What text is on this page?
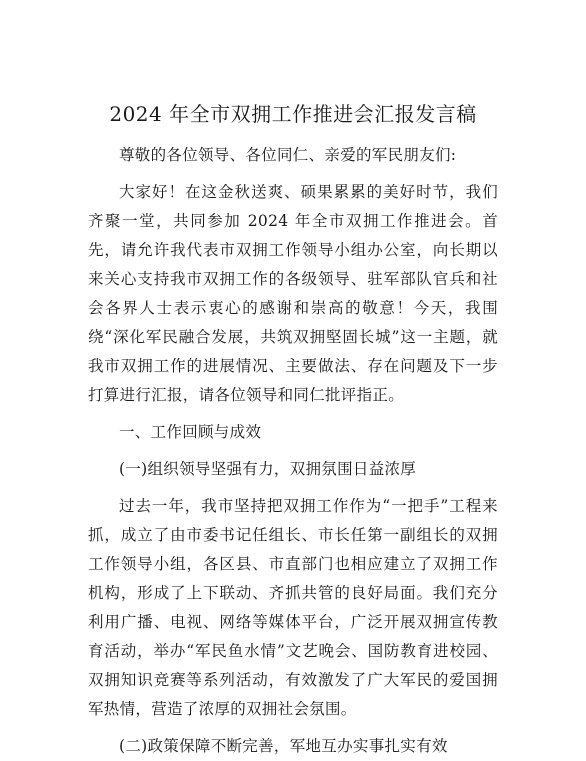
2024 年全市双拥工作推进会汇报发言稿

尊敬的各位领导、各位同仁、亲爱的军民朋友们:

大家好！在这金秋送爽、硕果累累的美好时节，我们齐聚一堂，共同参加 2024 年全市双拥工作推进会。首先，请允许我代表市双拥工作领导小组办公室，向长期以来关心支持我市双拥工作的各级领导、驻军部队官兵和社会各界人士表示衷心的感谢和崇高的敬意！今天，我围绕“深化军民融合发展，共筑双拥堅固长城”这一主题，就我市双拥工作的进展情况、主要做法、存在问题及下一步打算进行汇报，请各位领导和同仁批评指正。

一、工作回顾与成效

(一)组织领导坚强有力，双拥氛围日益浓厚

过去一年，我市坚持把双拥工作作为“一把手”工程来抓，成立了由市委书记任组长、市长任第一副组长的双拥工作领导小组，各区县、市直部门也相应建立了双拥工作机构，形成了上下联动、齐抓共管的良好局面。我们充分利用广播、电视、网络等媒体平台，广泛开展双拥宣传教育活动，举办“军民鱼水情”文艺晚会、国防教育进校园、双拥知识竞赛等系列活动，有效激发了广大军民的爱国拥军热情，营造了浓厚的双拥社会氛围。

(二)政策保障不断完善，军地互办实事扎实有效
